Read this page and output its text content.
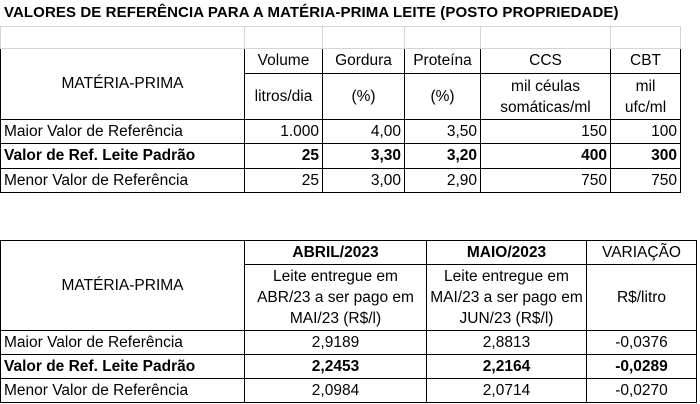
VALORES DE REFERÊNCIA PARA A MATÉRIA-PRIMA LEITE (POSTO PROPRIEDADE)

MATÉRIA-PRIMA	Volume	Gordura	Proteína	CCS	CBT
	litros/dia	(%)	(%)	mil céulas somáticas/ml	mil ufc/ml
Maior Valor de Referência	1.000	4,00	3,50	150	100
Valor de Ref. Leite Padrão	25	3,30	3,20	400	300
Menor Valor de Referência	25	3,00	2,90	750	750
MATÉRIA-PRIMA	ABRIL/2023	MAIO/2023	VARIAÇÃO
	Leite entregue em ABR/23 a ser pago em MAI/23 (R$/l)	Leite entregue em MAI/23 a ser pago em JUN/23 (R$/l)	R$/litro
Maior Valor de Referência	2,9189	2,8813	-0,0376
Valor de Ref. Leite Padrão	2,2453	2,2164	-0,0289
Menor Valor de Referência	2,0984	2,0714	-0,0270
